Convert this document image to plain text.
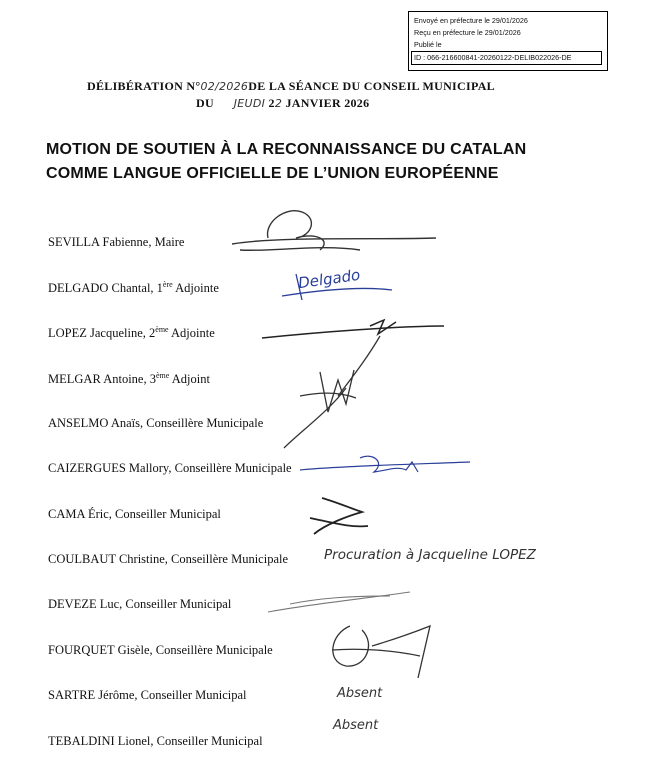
Envoyé en préfecture le 29/01/2026
Reçu en préfecture le 29/01/2026
Publié le
ID : 066-216600841-20260122-DELIB022026-DE
DÉLIBÉRATION N°02/2026DE LA SÉANCE DU CONSEIL MUNICIPAL
DU JEUDI 22 JANVIER 2026
MOTION DE SOUTIEN À LA RECONNAISSANCE DU CATALAN
COMME LANGUE OFFICIELLE DE L’UNION EUROPÉENNE
SEVILLA Fabienne, Maire
DELGADO Chantal, 1ère Adjointe
LOPEZ Jacqueline, 2ème Adjointe
MELGAR Antoine, 3ème Adjoint
ANSELMO Anaïs, Conseillère Municipale
CAIZERGUES Mallory, Conseillère Municipale
CAMA Éric, Conseiller Municipal
COULBAUT Christine, Conseillère Municipale
DEVEZE Luc, Conseiller Municipal
FOURQUET Gisèle, Conseillère Municipale
SARTRE Jérôme, Conseiller Municipal
TEBALDINI Lionel, Conseiller Municipal
Procuration à Jacqueline LOPEZ
Absent
Absent
Delgado
